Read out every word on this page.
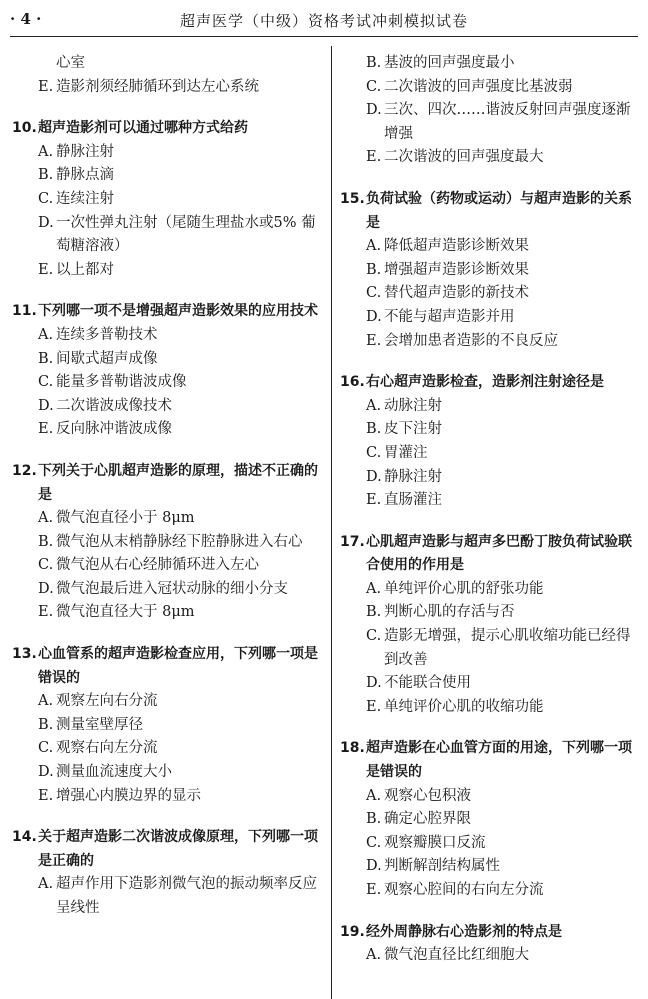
· 4 ·	超声医学（中级）资格考试冲刺模拟试卷
心室
E. 造影剂须经肺循环到达左心系统
10.超声造影剂可以通过哪种方式给药
A. 静脉注射
B. 静脉点滴
C. 连续注射
D. 一次性弹丸注射（尾随生理盐水或5% 葡萄糖溶液）
E. 以上都对
11.下列哪一项不是增强超声造影效果的应用技术
A. 连续多普勒技术
B. 间歇式超声成像
C. 能量多普勒谐波成像
D. 二次谐波成像技术
E. 反向脉冲谐波成像
12.下列关于心肌超声造影的原理，描述不正确的是
A. 微气泡直径小于 8μm
B. 微气泡从末梢静脉经下腔静脉进入右心
C. 微气泡从右心经肺循环进入左心
D. 微气泡最后进入冠状动脉的细小分支
E. 微气泡直径大于 8μm
13.心血管系的超声造影检查应用，下列哪一项是错误的
A. 观察左向右分流
B. 测量室壁厚径
C. 观察右向左分流
D. 测量血流速度大小
E. 增强心内膜边界的显示
14.关于超声造影二次谐波成像原理，下列哪一项是正确的
A. 超声作用下造影剂微气泡的振动频率反应呈线性
B. 基波的回声强度最小
C. 二次谐波的回声强度比基波弱
D. 三次、四次……谐波反射回声强度逐渐增强
E. 二次谐波的回声强度最大
15.负荷试验（药物或运动）与超声造影的关系是
A. 降低超声造影诊断效果
B. 增强超声造影诊断效果
C. 替代超声造影的新技术
D. 不能与超声造影并用
E. 会增加患者造影的不良反应
16.右心超声造影检查，造影剂注射途径是
A. 动脉注射
B. 皮下注射
C. 胃灌注
D. 静脉注射
E. 直肠灌注
17.心肌超声造影与超声多巴酚丁胺负荷试验联合使用的作用是
A. 单纯评价心肌的舒张功能
B. 判断心肌的存活与否
C. 造影无增强，提示心肌收缩功能已经得到改善
D. 不能联合使用
E. 单纯评价心肌的收缩功能
18.超声造影在心血管方面的用途，下列哪一项是错误的
A. 观察心包积液
B. 确定心腔界限
C. 观察瓣膜口反流
D. 判断解剖结构属性
E. 观察心腔间的右向左分流
19.经外周静脉右心造影剂的特点是
A. 微气泡直径比红细胞大
